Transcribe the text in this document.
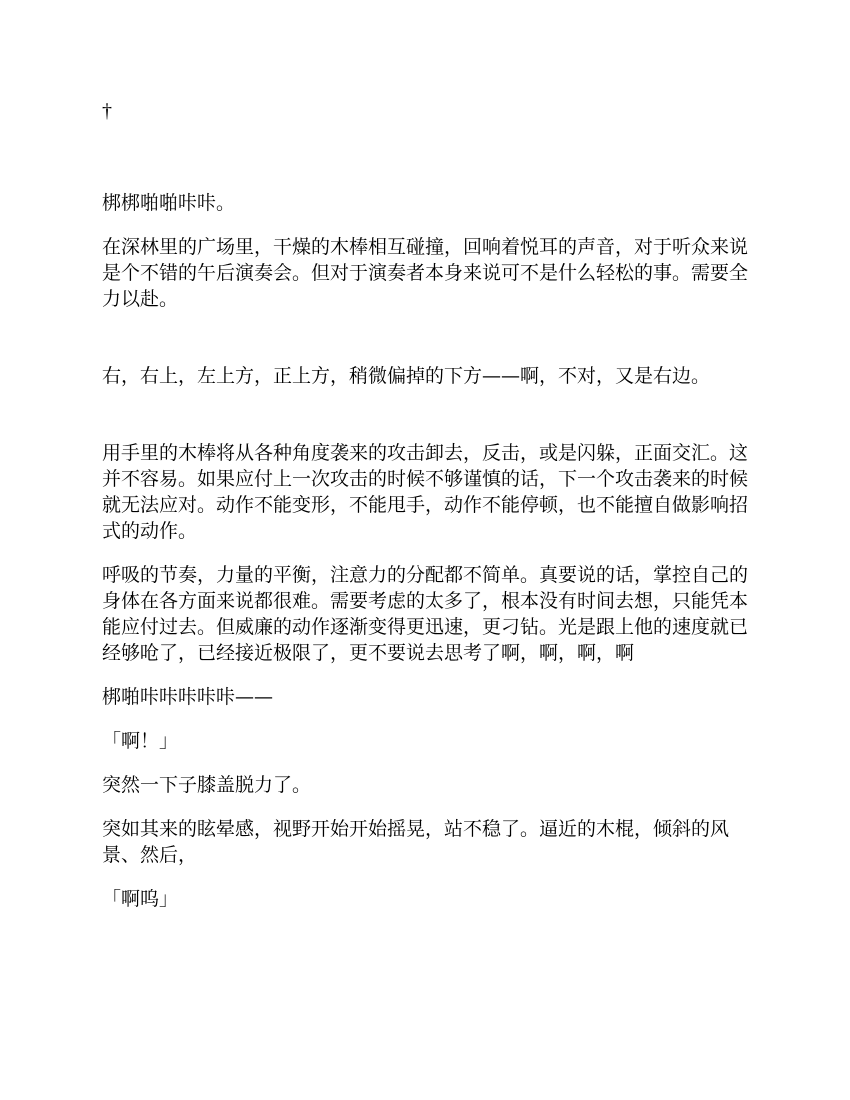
†

梆梆啪啪咔咔。

在深林里的广场里，干燥的木棒相互碰撞，回响着悦耳的声音，对于听众来说是个不错的午后演奏会。但对于演奏者本身来说可不是什么轻松的事。需要全力以赴。

右，右上，左上方，正上方，稍微偏掉的下方——啊，不对，又是右边。

用手里的木棒将从各种角度袭来的攻击卸去，反击，或是闪躲，正面交汇。这并不容易。如果应付上一次攻击的时候不够谨慎的话，下一个攻击袭来的时候就无法应对。动作不能变形，不能甩手，动作不能停顿，也不能擅自做影响招式的动作。

呼吸的节奏，力量的平衡，注意力的分配都不简单。真要说的话，掌控自己的身体在各方面来说都很难。需要考虑的太多了，根本没有时间去想，只能凭本能应付过去。但威廉的动作逐渐变得更迅速，更刁钻。光是跟上他的速度就已经够呛了，已经接近极限了，更不要说去思考了啊，啊，啊，啊

梆啪咔咔咔咔咔——

「啊！」

突然一下子膝盖脱力了。

突如其来的眩晕感，视野开始开始摇晃，站不稳了。逼近的木棍，倾斜的风景、然后，

「啊呜」
